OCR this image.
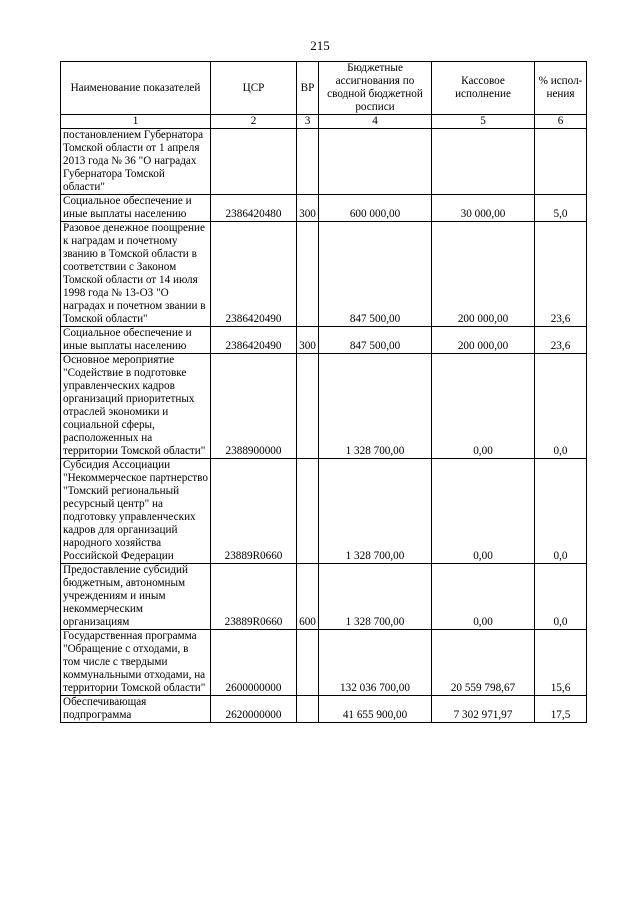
215
Наименование показателей	ЦСР	ВР	Бюджетные ассигнования по сводной бюджетной росписи	Кассовое исполнение	% испол-нения
1	2	3	4	5	6
постановлением Губернатора Томской области от 1 апреля 2013 года № 36 "О наградах Губернатора Томской области"					
Социальное обеспечение и иные выплаты населению	2386420480	300	600 000,00	30 000,00	5,0
Разовое денежное поощрение к наградам и почетному званию в Томской области в соответствии с Законом Томской области от 14 июля 1998 года № 13-ОЗ "О наградах и почетном звании в Томской области"	2386420490		847 500,00	200 000,00	23,6
Социальное обеспечение и иные выплаты населению	2386420490	300	847 500,00	200 000,00	23,6
Основное мероприятие "Содействие в подготовке управленческих кадров организаций приоритетных отраслей экономики и социальной сферы, расположенных на территории Томской области"	2388900000		1 328 700,00	0,00	0,0
Субсидия Ассоциации "Некоммерческое партнерство "Томский региональный ресурсный центр" на подготовку управленческих кадров для организаций народного хозяйства Российской Федерации	23889R0660		1 328 700,00	0,00	0,0
Предоставление субсидий бюджетным, автономным учреждениям и иным некоммерческим организациям	23889R0660	600	1 328 700,00	0,00	0,0
Государственная программа "Обращение с отходами, в том числе с твердыми коммунальными отходами, на территории Томской области"	2600000000		132 036 700,00	20 559 798,67	15,6
Обеспечивающая подпрограмма	2620000000		41 655 900,00	7 302 971,97	17,5
